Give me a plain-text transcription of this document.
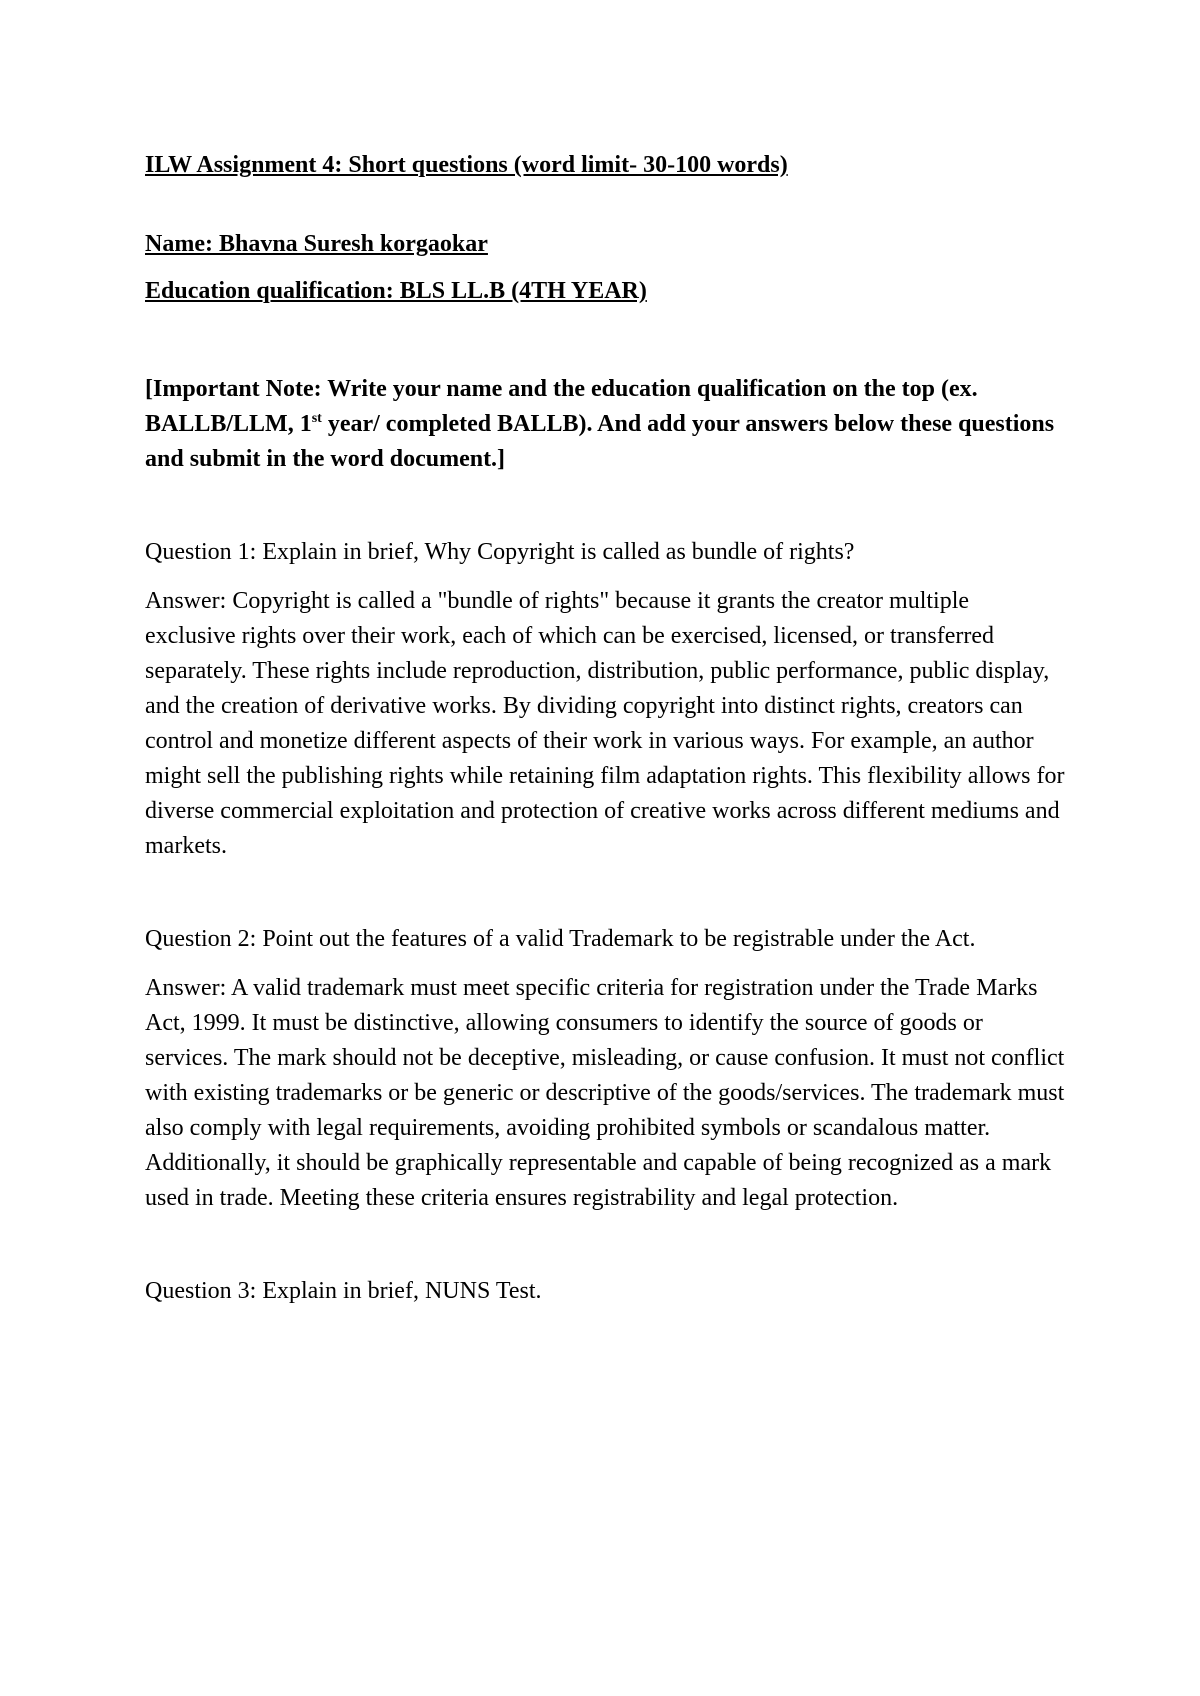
ILW Assignment 4: Short questions (word limit- 30-100 words)

Name: Bhavna Suresh korgaokar

Education qualification: BLS LL.B (4TH YEAR)

[Important Note: Write your name and the education qualification on the top (ex. BALLB/LLM, 1st year/ completed BALLB). And add your answers below these questions and submit in the word document.]

Question 1: Explain in brief, Why Copyright is called as bundle of rights?

Answer: Copyright is called a "bundle of rights" because it grants the creator multiple exclusive rights over their work, each of which can be exercised, licensed, or transferred separately. These rights include reproduction, distribution, public performance, public display, and the creation of derivative works. By dividing copyright into distinct rights, creators can control and monetize different aspects of their work in various ways. For example, an author might sell the publishing rights while retaining film adaptation rights. This flexibility allows for diverse commercial exploitation and protection of creative works across different mediums and markets.

Question 2: Point out the features of a valid Trademark to be registrable under the Act.

Answer: A valid trademark must meet specific criteria for registration under the Trade Marks Act, 1999. It must be distinctive, allowing consumers to identify the source of goods or services. The mark should not be deceptive, misleading, or cause confusion. It must not conflict with existing trademarks or be generic or descriptive of the goods/services. The trademark must also comply with legal requirements, avoiding prohibited symbols or scandalous matter. Additionally, it should be graphically representable and capable of being recognized as a mark used in trade. Meeting these criteria ensures registrability and legal protection.

Question 3: Explain in brief, NUNS Test.
